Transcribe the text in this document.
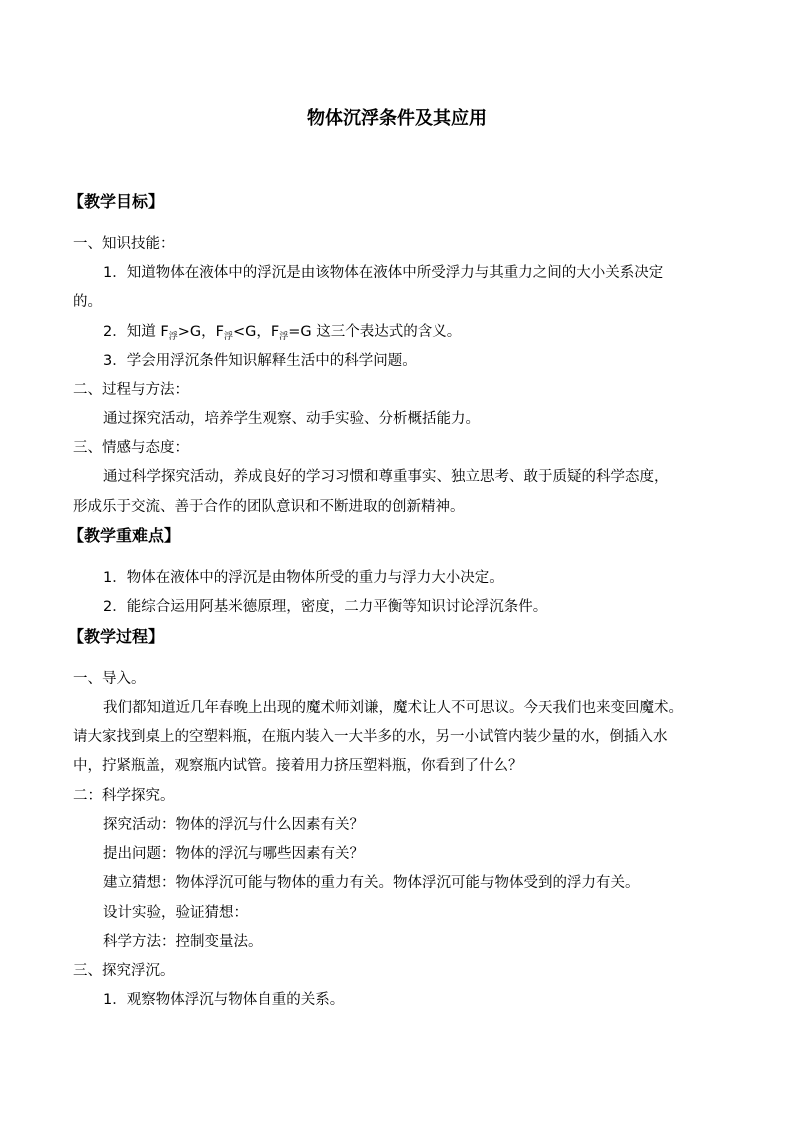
物体沉浮条件及其应用
【教学目标】
一、知识技能：
1．知道物体在液体中的浮沉是由该物体在液体中所受浮力与其重力之间的大小关系决定
的。
2．知道 $F_浮>G$，$F_浮<G$，$F_浮=G$ 这三个表达式的含义。
3．学会用浮沉条件知识解释生活中的科学问题。
二、过程与方法：
通过探究活动，培养学生观察、动手实验、分析概括能力。
三、情感与态度：
通过科学探究活动，养成良好的学习习惯和尊重事实、独立思考、敢于质疑的科学态度，
形成乐于交流、善于合作的团队意识和不断进取的创新精神。
【教学重难点】
1．物体在液体中的浮沉是由物体所受的重力与浮力大小决定。
2．能综合运用阿基米德原理，密度，二力平衡等知识讨论浮沉条件。
【教学过程】
一、导入。
我们都知道近几年春晚上出现的魔术师刘谦，魔术让人不可思议。今天我们也来变回魔术。
请大家找到桌上的空塑料瓶，在瓶内装入一大半多的水，另一小试管内装少量的水，倒插入水
中，拧紧瓶盖，观察瓶内试管。接着用力挤压塑料瓶，你看到了什么？
二：科学探究。
探究活动：物体的浮沉与什么因素有关？
提出问题：物体的浮沉与哪些因素有关？
建立猜想：物体浮沉可能与物体的重力有关。物体浮沉可能与物体受到的浮力有关。
设计实验，验证猜想：
科学方法：控制变量法。
三、探究浮沉。
1．观察物体浮沉与物体自重的关系。
